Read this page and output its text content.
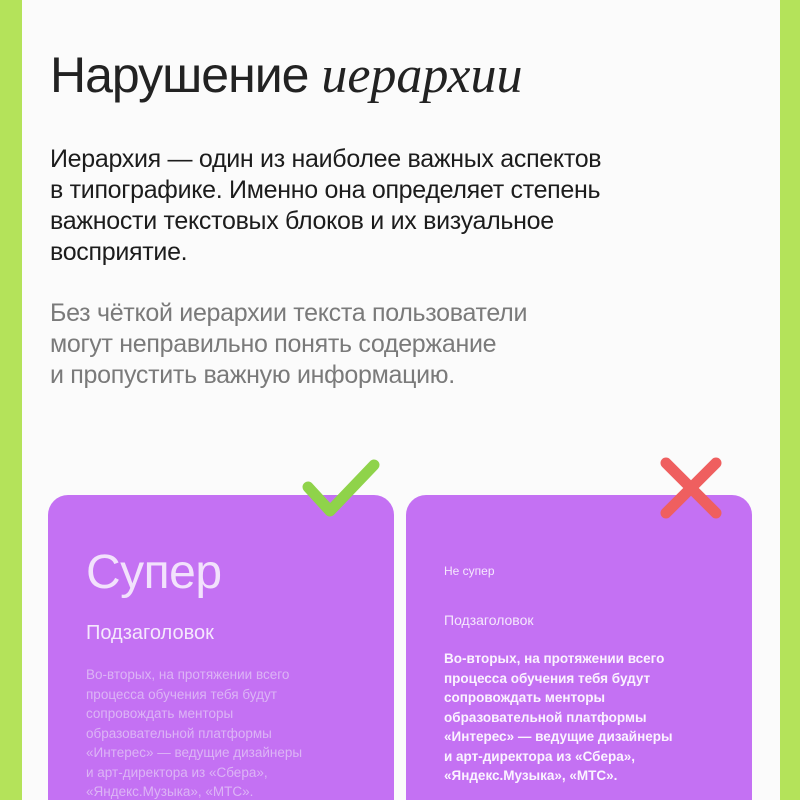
Нарушение иерархии
Иерархия — один из наиболее важных аспектов
в типографике. Именно она определяет степень
важности текстовых блоков и их визуальное
восприятие.
Без чёткой иерархии текста пользователи
могут неправильно понять содержание
и пропустить важную информацию.
Супер
Подзаголовок
Во-вторых, на протяжении всего
процесса обучения тебя будут
сопровождать менторы
образовательной платформы
«Интерес» — ведущие дизайнеры
и арт-директора из «Сбера»,
«Яндекс.Музыка», «МТС».
Не супер
Подзаголовок
Во-вторых, на протяжении всего
процесса обучения тебя будут
сопровождать менторы
образовательной платформы
«Интерес» — ведущие дизайнеры
и арт-директора из «Сбера»,
«Яндекс.Музыка», «МТС».
